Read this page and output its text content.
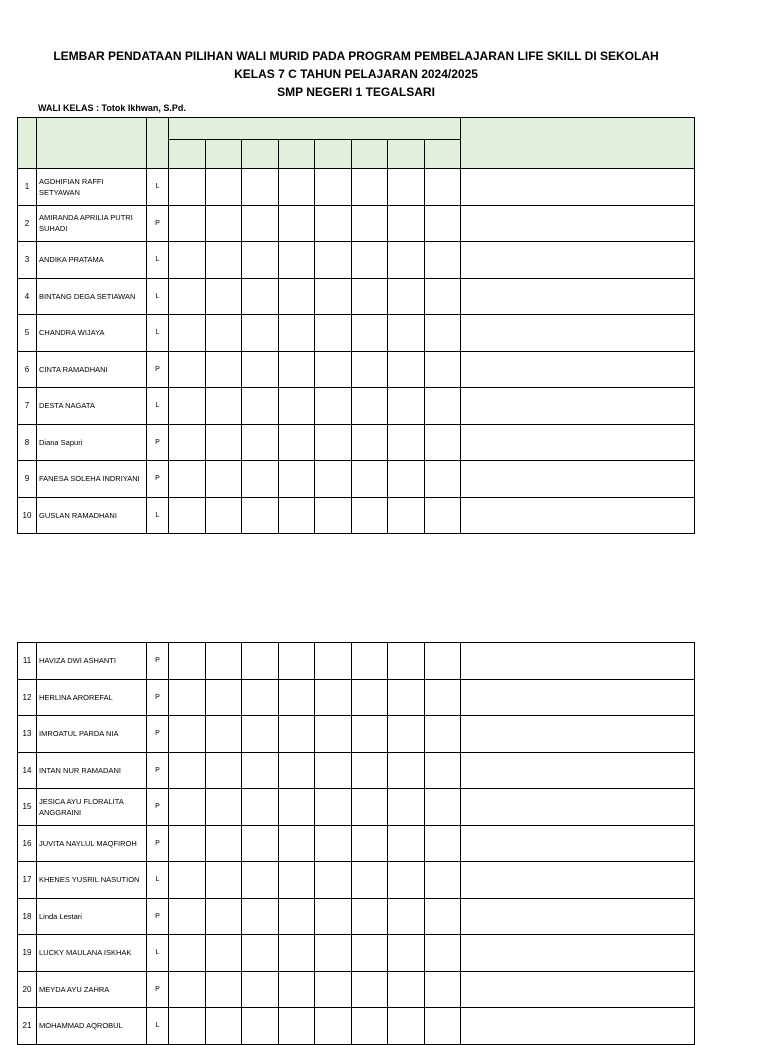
LEMBAR PENDATAAN PILIHAN WALI MURID PADA PROGRAM PEMBELAJARAN LIFE SKILL DI SEKOLAH
KELAS 7 C TAHUN PELAJARAN 2024/2025
SMP NEGERI 1 TEGALSARI
WALI KELAS : Totok Ikhwan, S.Pd.

1	AGDHIFIAN RAFFI SETYAWAN	L									
2	AMIRANDA APRILIA PUTRI SUHADI	P									
3	ANDIKA PRATAMA	L									
4	BINTANG DEGA SETIAWAN	L									
5	CHANDRA WIJAYA	L									
6	CINTA RAMADHANI	P									
7	DESTA NAGATA	L									
8	Diana Sapuri	P									
9	FANESA SOLEHA INDRIYANI	P									
10	GUSLAN RAMADHANI	L									
11	HAVIZA DWI ASHANTI	P									
12	HERLINA AROREFAL	P									
13	IMROATUL PARDA NIA	P									
14	INTAN NUR RAMADANI	P									
15	JESICA AYU FLORALITA ANGGRAINI	P									
16	JUVITA NAYLUL MAQFIROH	P									
17	KHENES YUSRIL NASUTION	L									
18	Linda Lestari	P									
19	LUCKY MAULANA ISKHAK	L									
20	MEYDA AYU ZAHRA	P									
21	MOHAMMAD AQROBUL	L									
